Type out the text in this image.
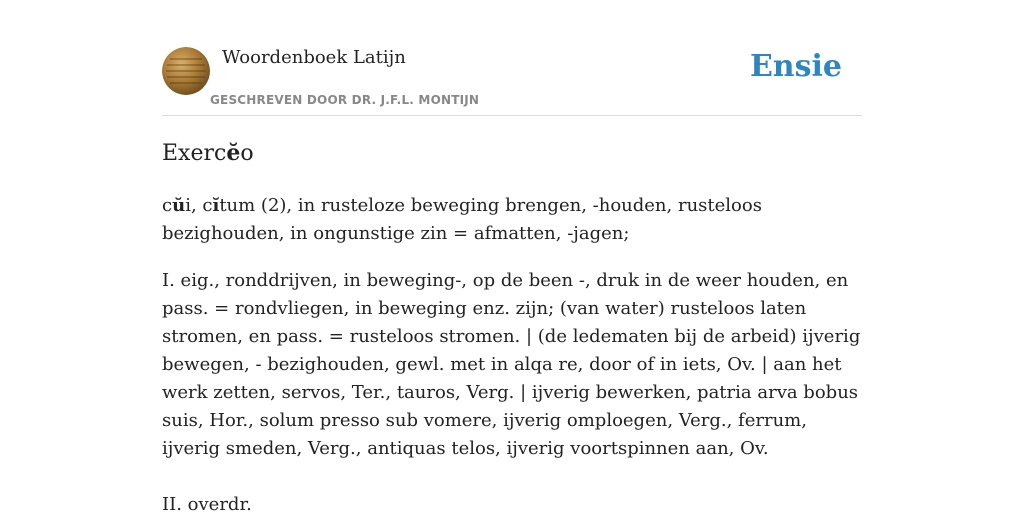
Woordenboek Latijn
GESCHREVEN DOOR DR. J.F.L. MONTIJN
Ensie
Exercĕo

cŭi, cĭtum (2), in rusteloze beweging brengen, -houden, rusteloos bezighouden, in ongunstige zin = afmatten, -jagen;

I. eig., ronddrijven, in beweging-, op de been -, druk in de weer houden, en pass. = rondvliegen, in beweging enz. zijn; (van water) rusteloos laten stromen, en pass. = rusteloos stromen. | (de ledematen bij de arbeid) ijverig bewegen, - bezighouden, gewl. met in alqa re, door of in iets, Ov. | aan het werk zetten, servos, Ter., tauros, Verg. | ijverig bewerken, patria arva bobus suis, Hor., solum presso sub vomere, ijverig omploegen, Verg., ferrum, ijverig smeden, Verg., antiquas telos, ijverig voortspinnen aan, Ov.

II. overdr.
